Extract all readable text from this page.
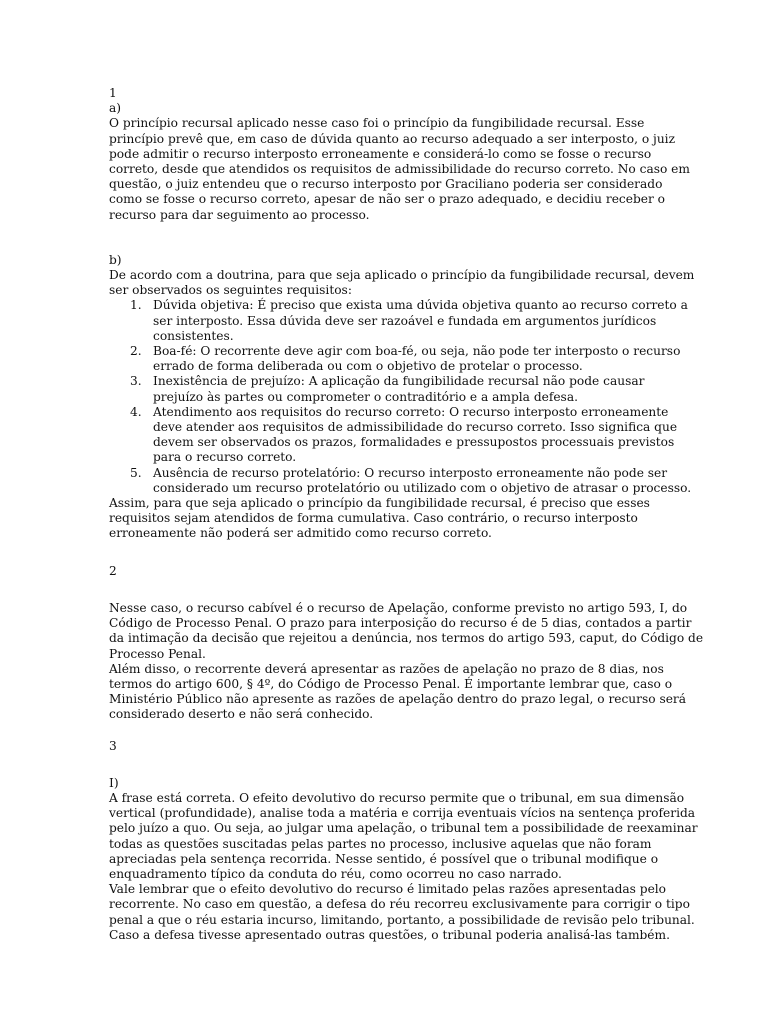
1
a)
O princípio recursal aplicado nesse caso foi o princípio da fungibilidade recursal. Esse
princípio prevê que, em caso de dúvida quanto ao recurso adequado a ser interposto, o juiz
pode admitir o recurso interposto erroneamente e considerá-lo como se fosse o recurso
correto, desde que atendidos os requisitos de admissibilidade do recurso correto. No caso em
questão, o juiz entendeu que o recurso interposto por Graciliano poderia ser considerado
como se fosse o recurso correto, apesar de não ser o prazo adequado, e decidiu receber o
recurso para dar seguimento ao processo.
b)
De acordo com a doutrina, para que seja aplicado o princípio da fungibilidade recursal, devem
ser observados os seguintes requisitos:
1. Dúvida objetiva: É preciso que exista uma dúvida objetiva quanto ao recurso correto a
ser interposto. Essa dúvida deve ser razoável e fundada em argumentos jurídicos
consistentes.
2. Boa-fé: O recorrente deve agir com boa-fé, ou seja, não pode ter interposto o recurso
errado de forma deliberada ou com o objetivo de protelar o processo.
3. Inexistência de prejuízo: A aplicação da fungibilidade recursal não pode causar
prejuízo às partes ou comprometer o contraditório e a ampla defesa.
4. Atendimento aos requisitos do recurso correto: O recurso interposto erroneamente
deve atender aos requisitos de admissibilidade do recurso correto. Isso significa que
devem ser observados os prazos, formalidades e pressupostos processuais previstos
para o recurso correto.
5. Ausência de recurso protelatório: O recurso interposto erroneamente não pode ser
considerado um recurso protelatório ou utilizado com o objetivo de atrasar o processo.
Assim, para que seja aplicado o princípio da fungibilidade recursal, é preciso que esses
requisitos sejam atendidos de forma cumulativa. Caso contrário, o recurso interposto
erroneamente não poderá ser admitido como recurso correto.
2
Nesse caso, o recurso cabível é o recurso de Apelação, conforme previsto no artigo 593, I, do
Código de Processo Penal. O prazo para interposição do recurso é de 5 dias, contados a partir
da intimação da decisão que rejeitou a denúncia, nos termos do artigo 593, caput, do Código de
Processo Penal.
Além disso, o recorrente deverá apresentar as razões de apelação no prazo de 8 dias, nos
termos do artigo 600, § 4º, do Código de Processo Penal. É importante lembrar que, caso o
Ministério Público não apresente as razões de apelação dentro do prazo legal, o recurso será
considerado deserto e não será conhecido.
3
I)
A frase está correta. O efeito devolutivo do recurso permite que o tribunal, em sua dimensão
vertical (profundidade), analise toda a matéria e corrija eventuais vícios na sentença proferida
pelo juízo a quo. Ou seja, ao julgar uma apelação, o tribunal tem a possibilidade de reexaminar
todas as questões suscitadas pelas partes no processo, inclusive aquelas que não foram
apreciadas pela sentença recorrida. Nesse sentido, é possível que o tribunal modifique o
enquadramento típico da conduta do réu, como ocorreu no caso narrado.
Vale lembrar que o efeito devolutivo do recurso é limitado pelas razões apresentadas pelo
recorrente. No caso em questão, a defesa do réu recorreu exclusivamente para corrigir o tipo
penal a que o réu estaria incurso, limitando, portanto, a possibilidade de revisão pelo tribunal.
Caso a defesa tivesse apresentado outras questões, o tribunal poderia analisá-las também.
